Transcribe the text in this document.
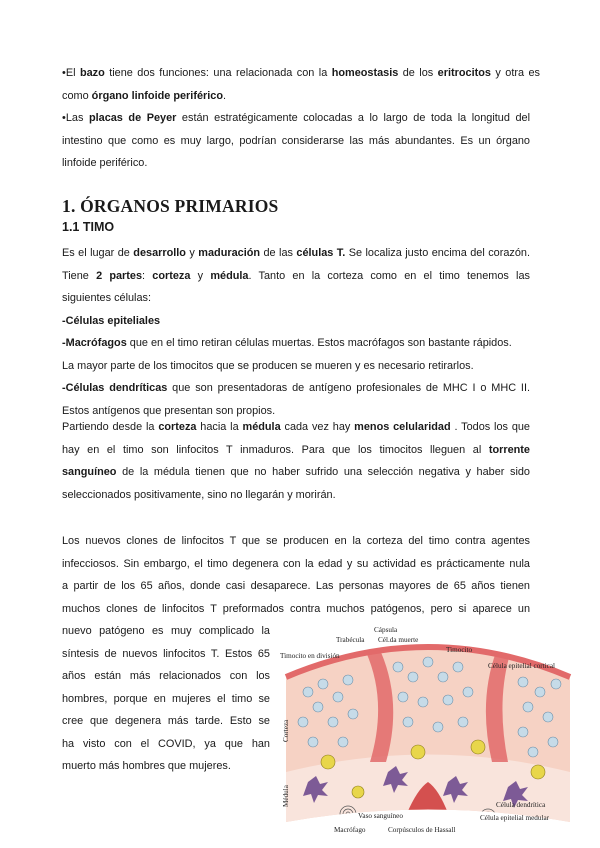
•El bazo tiene dos funciones: una relacionada con la homeostasis de los eritrocitos y otra es
como órgano linfoide periférico.
•Las placas de Peyer están estratégicamente colocadas a lo largo de toda la longitud del
intestino que como es muy largo, podrían considerarse las más abundantes. Es un órgano
linfoide periférico.
1. ÓRGANOS PRIMARIOS
1.1 TIMO
Es el lugar de desarrollo y maduración de las células T. Se localiza justo encima del corazón.
Tiene 2 partes: corteza y médula. Tanto en la corteza como en el timo tenemos las
siguientes células:
-Células epiteliales
-Macrófagos que en el timo retiran células muertas. Estos macrófagos son bastante rápidos.
La mayor parte de los timocitos que se producen se mueren y es necesario retirarlos.
-Células dendríticas que son presentadoras de antígeno profesionales de MHC I o MHC II.
Estos antígenos que presentan son propios.
Partiendo desde la corteza hacia la médula cada vez hay menos celularidad . Todos los que
hay en el timo son linfocitos T inmaduros. Para que los timocitos lleguen al torrente
sanguíneo de la médula tienen que no haber sufrido una selección negativa y haber sido
seleccionados positivamente, sino no llegarán y morirán.
Los nuevos clones de linfocitos T que se producen en la corteza del timo contra agentes
infecciosos. Sin embargo, el timo degenera con la edad y su actividad es prácticamente nula
a partir de los 65 años, donde casi desaparece. Las personas mayores de 65 años tienen
muchos clones de linfocitos T preformados contra muchos patógenos, pero si aparece un
nuevo patógeno es muy complicado la
síntesis de nuevos linfocitos T. Estos 65
años están más relacionados con los
hombres, porque en mujeres el timo se
cree que degenera más tarde. Esto se
ha visto con el COVID, ya que han
muerto más hombres que mujeres.
Corteza
Médula
Cápsula
Trabécula Cél.da muerte
Timocito
Timocito en división
Célula epitelial cortical
Célula dendrítica
Célula epitelial medular
Vaso sanguíneo
Macrófago	Corpúsculos de Hassall
